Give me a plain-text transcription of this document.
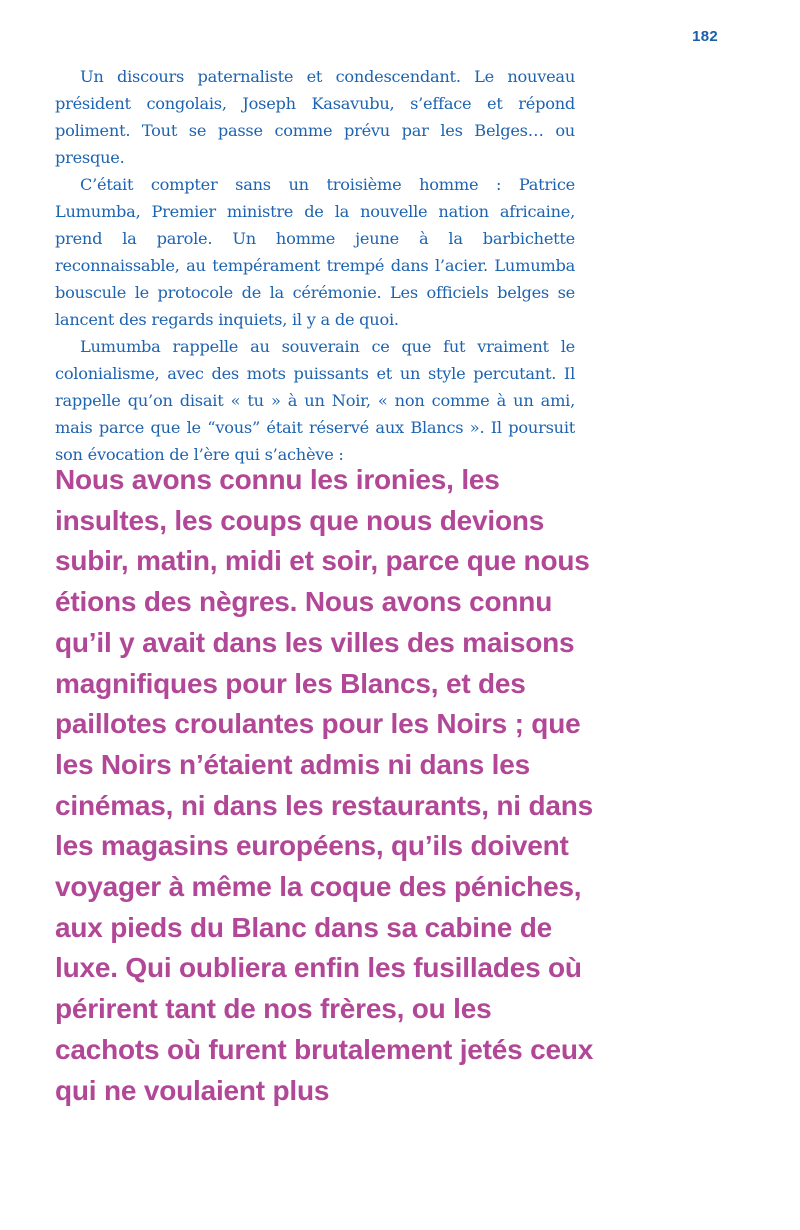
182

Un discours paternaliste et condescendant. Le nouveau président congolais, Joseph Kasavubu, s’efface et répond poliment. Tout se passe comme prévu par les Belges… ou presque.

C’était compter sans un troisième homme : Patrice Lumumba, Premier ministre de la nouvelle nation africaine, prend la parole. Un homme jeune à la barbichette reconnaissable, au tempérament trempé dans l’acier. Lumumba bouscule le protocole de la cérémonie. Les officiels belges se lancent des regards inquiets, il y a de quoi.

Lumumba rappelle au souverain ce que fut vraiment le colonialisme, avec des mots puissants et un style percutant. Il rappelle qu’on disait « tu » à un Noir, « non comme à un ami, mais parce que le “vous” était réservé aux Blancs ». Il poursuit son évocation de l’ère qui s’achève :

Nous avons connu les ironies, les insultes, les coups que nous devions subir, matin, midi et soir, parce que nous étions des nègres. Nous avons connu qu’il y avait dans les villes des maisons magnifiques pour les Blancs, et des paillotes croulantes pour les Noirs ; que les Noirs n’étaient admis ni dans les cinémas, ni dans les restaurants, ni dans les magasins européens, qu’ils doivent voyager à même la coque des péniches, aux pieds du Blanc dans sa cabine de luxe. Qui oubliera enfin les fusillades où périrent tant de nos frères, ou les cachots où furent brutalement jetés ceux qui ne voulaient plus
